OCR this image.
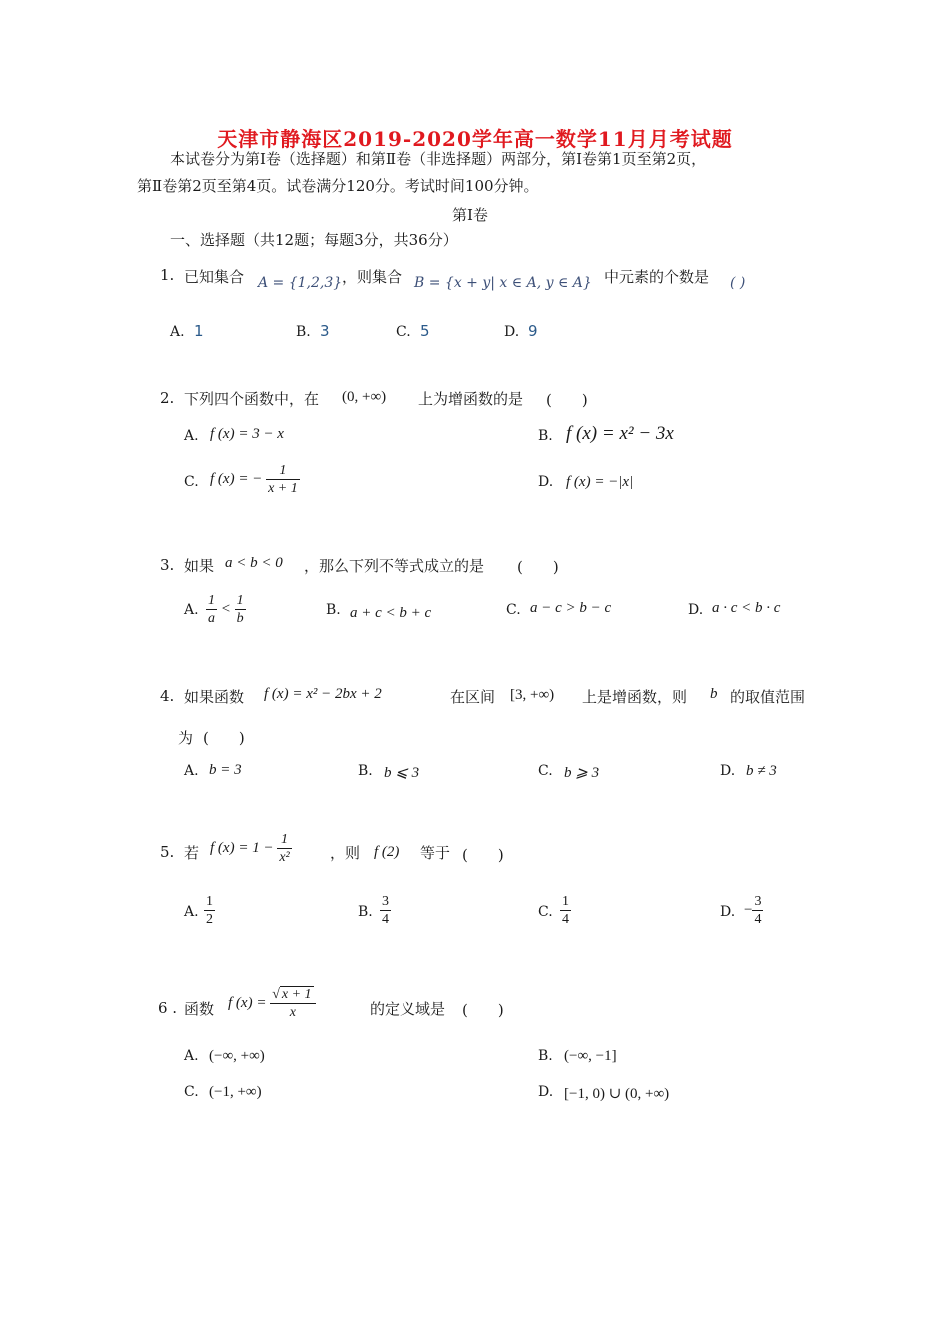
天津市静海区2019-2020学年高一数学11月月考试题
本试卷分为第Ⅰ卷（选择题）和第Ⅱ卷（非选择题）两部分，第Ⅰ卷第1页至第2页，
第Ⅱ卷第2页至第4页。试卷满分120分。考试时间100分钟。
第Ⅰ卷
一、选择题（共12题；每题3分，共36分）
1. 已知集合 A = {1,2,3} ，则集合 B = {x + y| x ∈ A, y ∈ A} 中元素的个数是 ( )
A. 1	B. 3	C. 5	D. 9
2. 下列四个函数中，在 (0, +∞) 上为增函数的是 (　　)
A. f (x) = 3 − x	B. f (x) = x² − 3x
C. f (x) = − $\frac{1}{x + 1}$	D. f (x) = −|x|
3. 如果 a < b < 0 ，那么下列不等式成立的是 (　　)
A. $\frac{1}{a} < \frac{1}{b}$	B. a + c < b + c	C. a − c > b − c	D. a · c < b · c
4. 如果函数 f (x) = x² − 2bx + 2	在区间 [3, +∞) 上是增函数，则 b 的取值范围
为 (　　)
A. b = 3	B. b ⩽ 3	C. b ⩾ 3	D. b ≠ 3
5. 若 f $(x) = 1 - \frac{1}{\text{x²}}$	，则 f (2) 等于 (　　)
A. $\frac{1}{2}$	B. $\frac{3}{4}$	C. $\frac{1}{4}$	D. − $\frac{3}{4}$
6 . 函数 f $(x) = \frac{√ x + 1}{x}$	的定义域是 (　　)
A. (−∞, +∞)	B. (−∞, −1]
C. (−1, +∞)	D. [−1, 0) ∪ (0, +∞)
